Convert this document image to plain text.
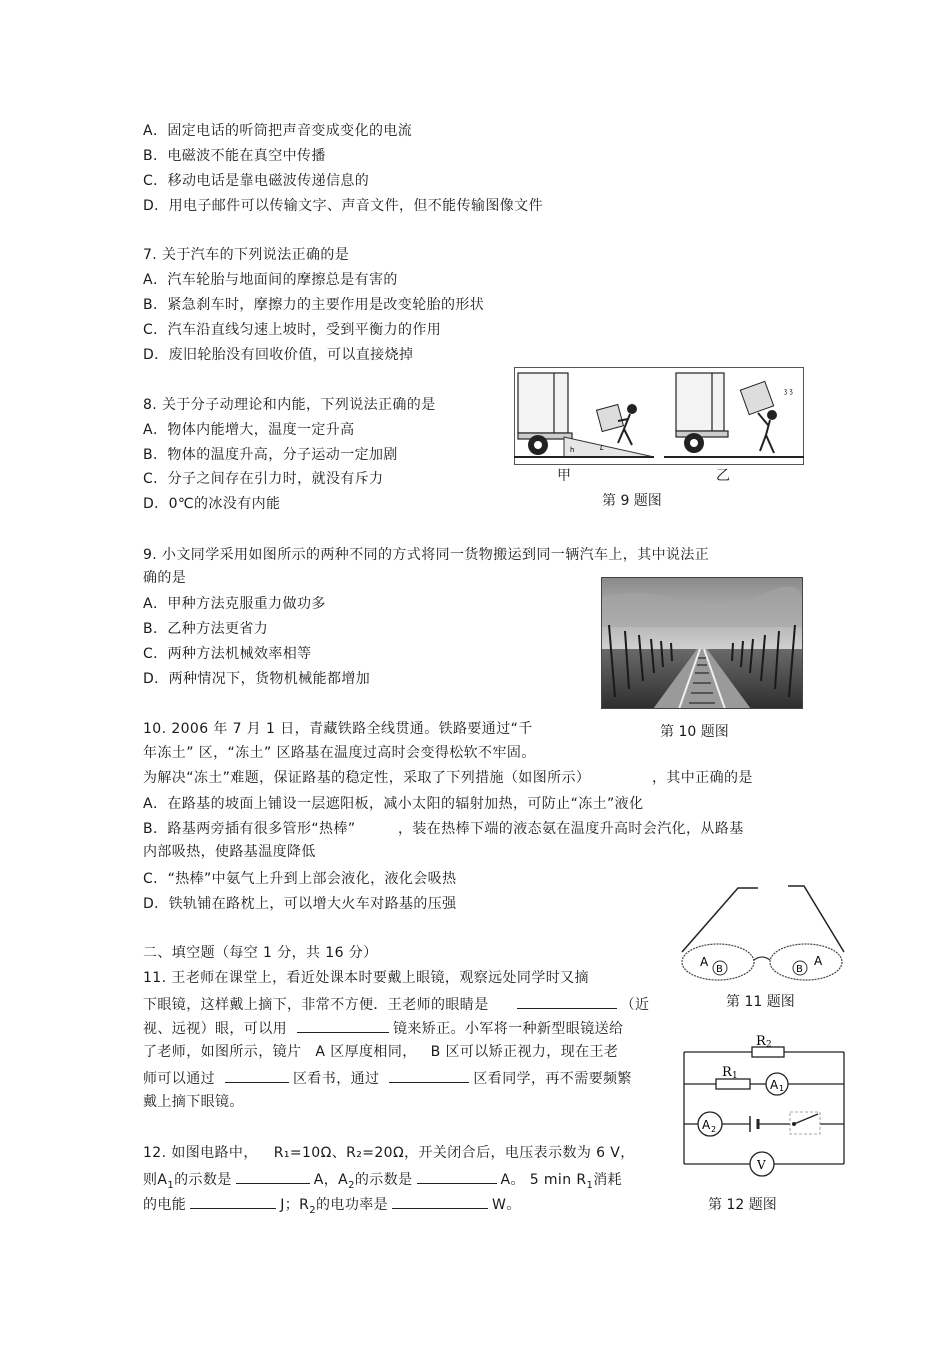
A．固定电话的听筒把声音变成变化的电流
B．电磁波不能在真空中传播
C．移动电话是靠电磁波传递信息的
D．用电子邮件可以传输文字、声音文件，但不能传输图像文件
7. 关于汽车的下列说法正确的是
A．汽车轮胎与地面间的摩擦总是有害的
B．紧急刹车时，摩擦力的主要作用是改变轮胎的形状
C．汽车沿直线匀速上坡时，受到平衡力的作用
D．废旧轮胎没有回收价值，可以直接烧掉
8. 关于分子动理论和内能，下列说法正确的是
A．物体内能增大，温度一定升高
B．物体的温度升高，分子运动一定加剧
C．分子之间存在引力时，就没有斥力
D．0℃的冰没有内能
h	L
ʒ ʒ
甲	乙
第 9 题图
9. 小文同学采用如图所示的两种不同的方式将同一货物搬运到同一辆汽车上，其中说法正
确的是
A．甲种方法克服重力做功多
B．乙种方法更省力
C．两种方法机械效率相等
D．两种情况下，货物机械能都增加
第 10 题图
10. 2006 年 7 月 1 日，青藏铁路全线贯通。铁路要通过“千
年冻土” 区，“冻土” 区路基在温度过高时会变得松软不牢固。
为解决“冻土”难题，保证路基的稳定性，采取了下列措施（如图所示）	，其中正确的是
A．在路基的坡面上铺设一层遮阳板，减小太阳的辐射加热，可防止“冻土”液化
B．路基两旁插有很多管形“热棒”	，装在热棒下端的液态氨在温度升高时会汽化，从路基
内部吸热，使路基温度降低
C．“热棒”中氨气上升到上部会液化，液化会吸热
D．铁轨铺在路枕上，可以增大火车对路基的压强
二、填空题（每空 1 分，共 16 分）
11. 王老师在课堂上，看近处课本时要戴上眼镜，观察远处同学时又摘
下眼镜，这样戴上摘下，非常不方便．王老师的眼睛是	（近
视、远视）眼，可以用	镜来矫正。小军将一种新型眼镜送给
了老师，如图所示，镜片 A 区厚度相同， B 区可以矫正视力，现在王老
师可以通过	区看书，通过	区看同学，再不需要频繁
戴上摘下眼镜。
A
B	B
A
第 11 题图
12. 如图电路中， R₁=10Ω、R₂=20Ω，开关闭合后，电压表示数为 6 V，
则$A_1$的示数是	A，$A_2$的示数是	A。 5 $\min R_1$消耗
的电能	J；$R_2$的电功率是	W。
R 2
R 1
A 1
A 2
V
第 12 题图
